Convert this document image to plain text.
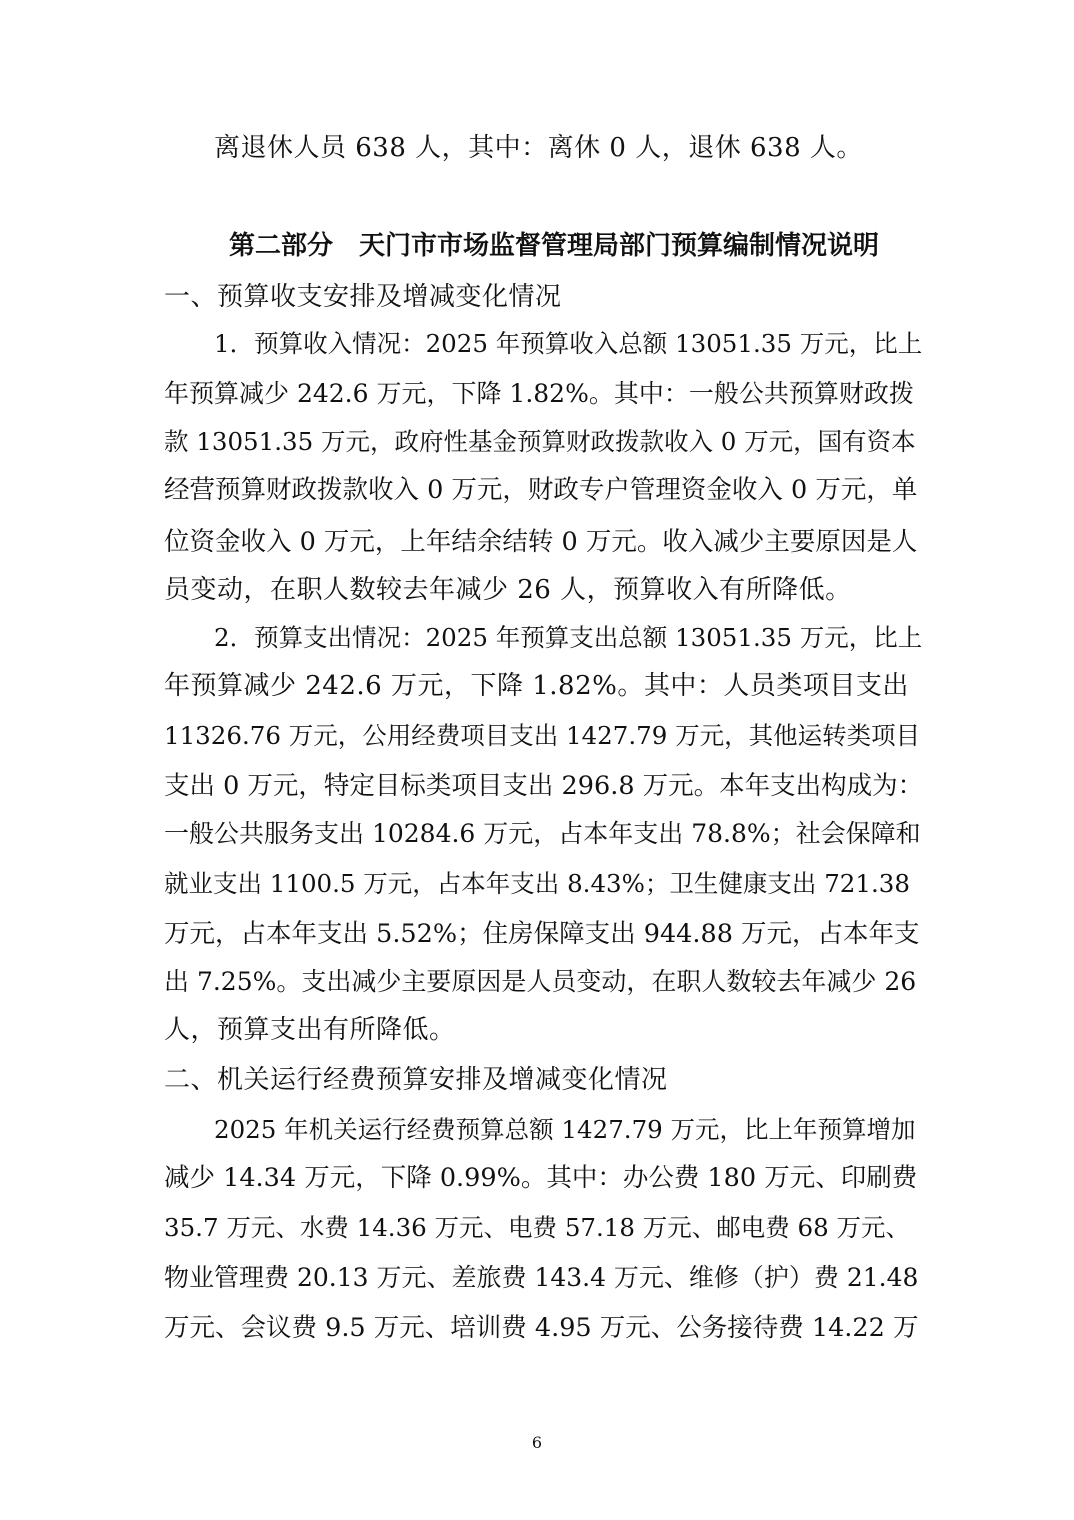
离退休人员 638 人，其中：离休 0 人，退休 638 人。
第二部分　天门市市场监督管理局部门预算编制情况说明
一、预算收支安排及增减变化情况
1．预算收入情况：2025 年预算收入总额 13051.35 万元，比上
年预算减少 242.6 万元，下降 1.82%。其中：一般公共预算财政拨
款 13051.35 万元，政府性基金预算财政拨款收入 0 万元，国有资本
经营预算财政拨款收入 0 万元，财政专户管理资金收入 0 万元，单
位资金收入 0 万元，上年结余结转 0 万元。收入减少主要原因是人
员变动，在职人数较去年减少 26 人，预算收入有所降低。
2．预算支出情况：2025 年预算支出总额 13051.35 万元，比上
年预算减少 242.6 万元，下降 1.82%。其中：人员类项目支出
11326.76 万元，公用经费项目支出 1427.79 万元，其他运转类项目
支出 0 万元，特定目标类项目支出 296.8 万元。本年支出构成为：
一般公共服务支出 10284.6 万元，占本年支出 78.8%；社会保障和
就业支出 1100.5 万元，占本年支出 8.43%；卫生健康支出 721.38
万元，占本年支出 5.52%；住房保障支出 944.88 万元，占本年支
出 7.25%。支出减少主要原因是人员变动，在职人数较去年减少 26
人，预算支出有所降低。
二、机关运行经费预算安排及增减变化情况
2025 年机关运行经费预算总额 1427.79 万元，比上年预算增加
减少 14.34 万元，下降 0.99%。其中：办公费 180 万元、印刷费
35.7 万元、水费 14.36 万元、电费 57.18 万元、邮电费 68 万元、
物业管理费 20.13 万元、差旅费 143.4 万元、维修（护）费 21.48
万元、会议费 9.5 万元、培训费 4.95 万元、公务接待费 14.22 万
6
